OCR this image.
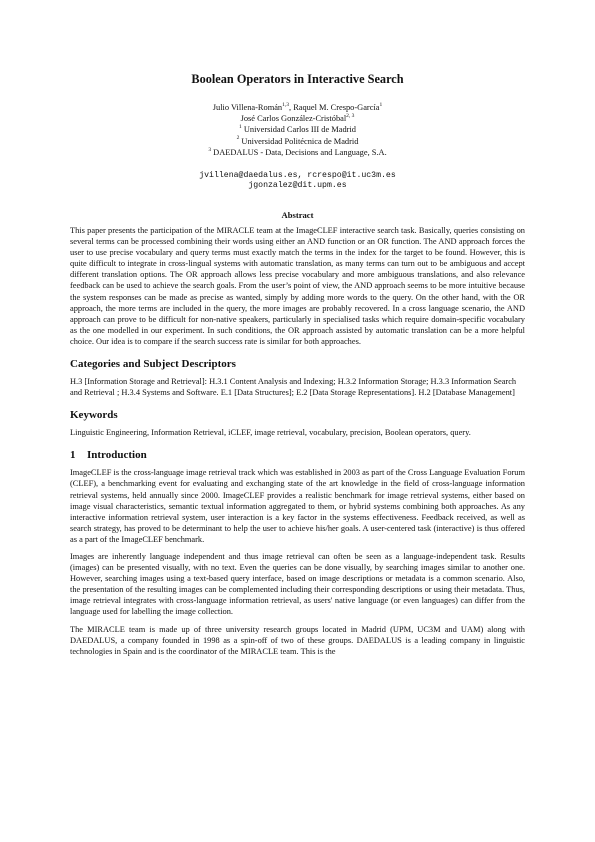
Boolean Operators in Interactive Search
Julio Villena-Román$^{1,3}$, Raquel M. Crespo-García$^1$
José Carlos González-Cristóbal$^{2, 3}$
$^1$ Universidad Carlos III de Madrid
$^2$ Universidad Politécnica de Madrid
$^3$ DAEDALUS - Data, Decisions and Language, S.A.
jvillena@daedalus.es, rcrespo@it.uc3m.es
jgonzalez@dit.upm.es
Abstract

This paper presents the participation of the MIRACLE team at the ImageCLEF interactive search task. Basically, queries consisting on several terms can be processed combining their words using either an AND function or an OR function. The AND approach forces the user to use precise vocabulary and query terms must exactly match the terms in the index for the target to be found. However, this is quite difficult to integrate in cross-lingual systems with automatic translation, as many terms can turn out to be ambiguous and accept different translation options. The OR approach allows less precise vocabulary and more ambiguous translations, and also relevance feedback can be used to achieve the search goals. From the user’s point of view, the AND approach seems to be more intuitive because the system responses can be made as precise as wanted, simply by adding more words to the query. On the other hand, with the OR approach, the more terms are included in the query, the more images are probably recovered. In a cross language scenario, the AND approach can prove to be difficult for non-native speakers, particularly in specialised tasks which require domain-specific vocabulary as the one modelled in our experiment. In such conditions, the OR approach assisted by automatic translation can be a more helpful choice. Our idea is to compare if the search success rate is similar for both approaches.

Categories and Subject Descriptors

H.3 [Information Storage and Retrieval]: H.3.1 Content Analysis and Indexing; H.3.2 Information Storage; H.3.3 Information Search and Retrieval ; H.3.4 Systems and Software. E.1 [Data Structures]; E.2 [Data Storage Representations]. H.2 [Database Management]

Keywords

Linguistic Engineering, Information Retrieval, iCLEF, image retrieval, vocabulary, precision, Boolean operators, query.

1 Introduction

ImageCLEF is the cross-language image retrieval track which was established in 2003 as part of the Cross Language Evaluation Forum (CLEF), a benchmarking event for evaluating and exchanging state of the art knowledge in the field of cross-language information retrieval systems, held annually since 2000. ImageCLEF provides a realistic benchmark for image retrieval systems, either based on image visual characteristics, semantic textual information aggregated to them, or hybrid systems combining both approaches. As any interactive information retrieval system, user interaction is a key factor in the systems effectiveness. Feedback received, as well as search strategy, has proved to be determinant to help the user to achieve his/her goals. A user-centered task (interactive) is thus offered as a part of the ImageCLEF benchmark.

Images are inherently language independent and thus image retrieval can often be seen as a language-independent task. Results (images) can be presented visually, with no text. Even the queries can be done visually, by searching images similar to another one. However, searching images using a text-based query interface, based on image descriptions or metadata is a common scenario. Also, the presentation of the resulting images can be complemented including their corresponding descriptions or using their metadata. Thus, image retrieval integrates with cross-language information retrieval, as users' native language (or even languages) can differ from the language used for labelling the image collection.

The MIRACLE team is made up of three university research groups located in Madrid (UPM, UC3M and UAM) along with DAEDALUS, a company founded in 1998 as a spin-off of two of these groups. DAEDALUS is a leading company in linguistic technologies in Spain and is the coordinator of the MIRACLE team. This is the
